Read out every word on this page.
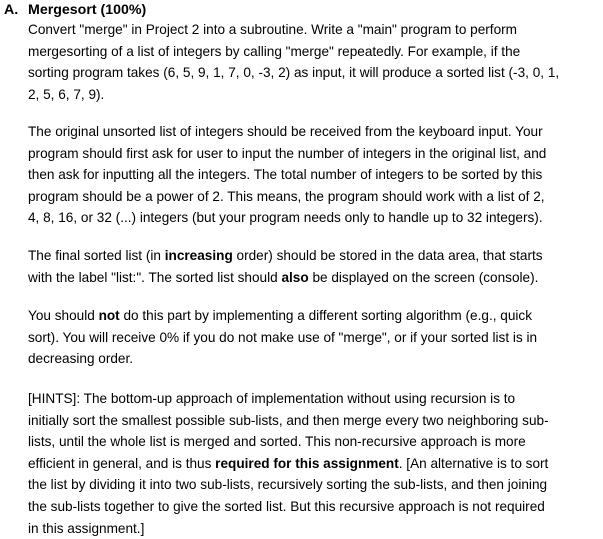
A. Mergesort (100%)
Convert "merge" in Project 2 into a subroutine. Write a "main" program to perform
mergesorting of a list of integers by calling "merge" repeatedly. For example, if the
sorting program takes (6, 5, 9, 1, 7, 0, -3, 2) as input, it will produce a sorted list (-3, 0, 1,
2, 5, 6, 7, 9).
The original unsorted list of integers should be received from the keyboard input. Your
program should first ask for user to input the number of integers in the original list, and
then ask for inputting all the integers. The total number of integers to be sorted by this
program should be a power of 2. This means, the program should work with a list of 2,
4, 8, 16, or 32 (...) integers (but your program needs only to handle up to 32 integers).
The final sorted list (in increasing order) should be stored in the data area, that starts
with the label "list:". The sorted list should also be displayed on the screen (console).
You should not do this part by implementing a different sorting algorithm (e.g., quick
sort). You will receive 0% if you do not make use of "merge", or if your sorted list is in
decreasing order.
[HINTS]: The bottom-up approach of implementation without using recursion is to
initially sort the smallest possible sub-lists, and then merge every two neighboring sub-
lists, until the whole list is merged and sorted. This non-recursive approach is more
efficient in general, and is thus required for this assignment. [An alternative is to sort
the list by dividing it into two sub-lists, recursively sorting the sub-lists, and then joining
the sub-lists together to give the sorted list. But this recursive approach is not required
in this assignment.]
